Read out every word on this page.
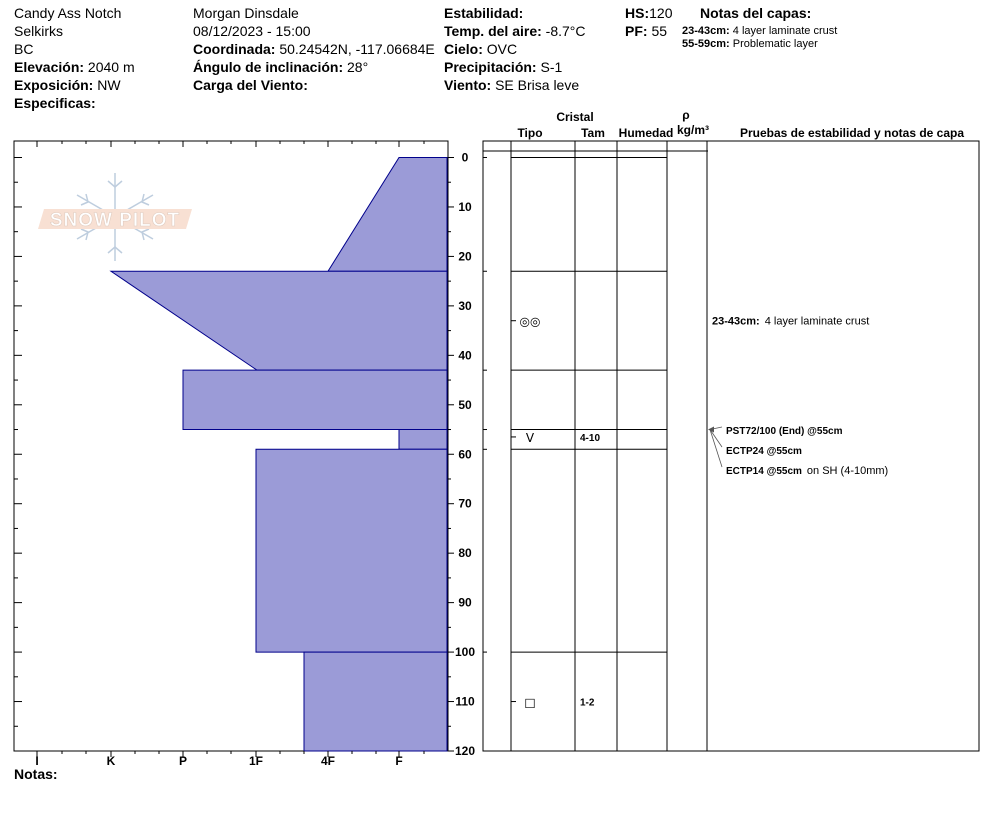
Candy Ass Notch
Selkirks
BC
Elevación: 2040 m
Exposición: NW
Especificas:
Morgan Dinsdale
08/12/2023 - 15:00
Coordinada: 50.24542N, -117.06684E
Ángulo de inclinación: 28°
Carga del Viento:
Estabilidad:
Temp. del aire: -8.7°C
Cielo: OVC
Precipitación: S-1
Viento: SE Brisa leve
HS:120
PF: 55
Notas del capas:
23-43cm: 4 layer laminate crust
55-59cm: Problematic layer
SNOW PILOT
I	K	P	1F	4F	F
0
10
20
30
40
50
60
70
80
90
100
110
120
Cristal
Tipo	Tam Humedad
ρ
kg/m³	Pruebas de estabilidad y notas de capa
◎◎
V	4-10
□	1-2
23-43cm: 4 layer laminate crust
PST72/100 (End) @55cm
ECTP24 @55cm
ECTP14 @55cm on SH (4-10mm)
Notas:
